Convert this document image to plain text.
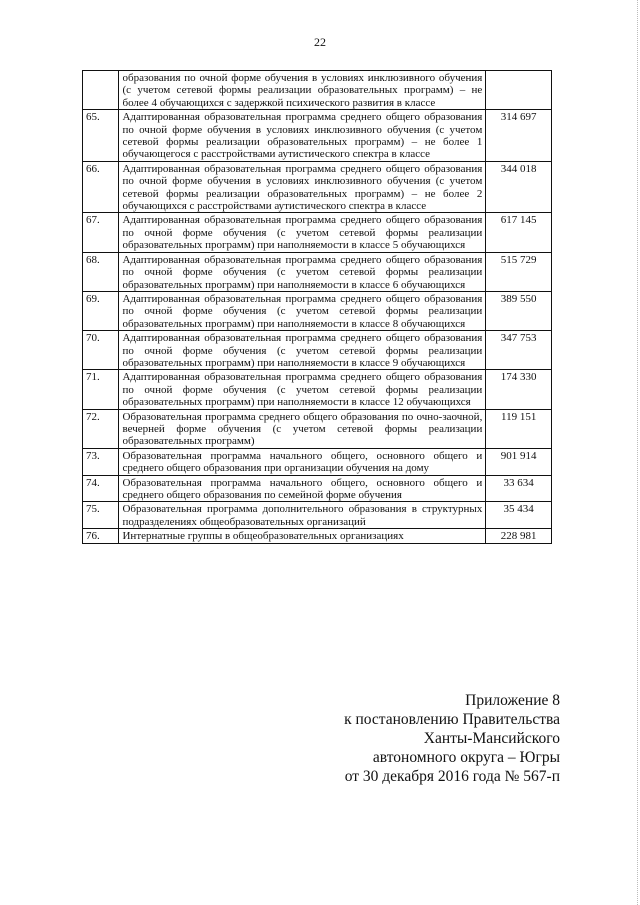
22
	образования по очной форме обучения в условиях инклюзивного обучения (с учетом сетевой формы реализации образовательных программ) – не более 4 обучающихся с задержкой психического развития в классе	
65.	Адаптированная образовательная программа среднего общего образования по очной форме обучения в условиях инклюзивного обучения (с учетом сетевой формы реализации образовательных программ) – не более 1 обучающегося с расстройствами аутистического спектра в классе	314 697
66.	Адаптированная образовательная программа среднего общего образования по очной форме обучения в условиях инклюзивного обучения (с учетом сетевой формы реализации образовательных программ) – не более 2 обучающихся с расстройствами аутистического спектра в классе	344 018
67.	Адаптированная образовательная программа среднего общего образования по очной форме обучения (с учетом сетевой формы реализации образовательных программ) при наполняемости в классе 5 обучающихся	617 145
68.	Адаптированная образовательная программа среднего общего образования по очной форме обучения (с учетом сетевой формы реализации образовательных программ) при наполняемости в классе 6 обучающихся	515 729
69.	Адаптированная образовательная программа среднего общего образования по очной форме обучения (с учетом сетевой формы реализации образовательных программ) при наполняемости в классе 8 обучающихся	389 550
70.	Адаптированная образовательная программа среднего общего образования по очной форме обучения (с учетом сетевой формы реализации образовательных программ) при наполняемости в классе 9 обучающихся	347 753
71.	Адаптированная образовательная программа среднего общего образования по очной форме обучения (с учетом сетевой формы реализации образовательных программ) при наполняемости в классе 12 обучающихся	174 330
72.	Образовательная программа среднего общего образования по очно-заочной, вечерней форме обучения (с учетом сетевой формы реализации образовательных программ)	119 151
73.	Образовательная программа начального общего, основного общего и среднего общего образования при организации обучения на дому	901 914
74.	Образовательная программа начального общего, основного общего и среднего общего образования по семейной форме обучения	33 634
75.	Образовательная программа дополнительного образования в структурных подразделениях общеобразовательных организаций	35 434
76.	Интернатные группы в общеобразовательных организациях	228 981
Приложение 8
к постановлению Правительства
Ханты-Мансийского
автономного округа – Югры
от 30 декабря 2016 года № 567-п
